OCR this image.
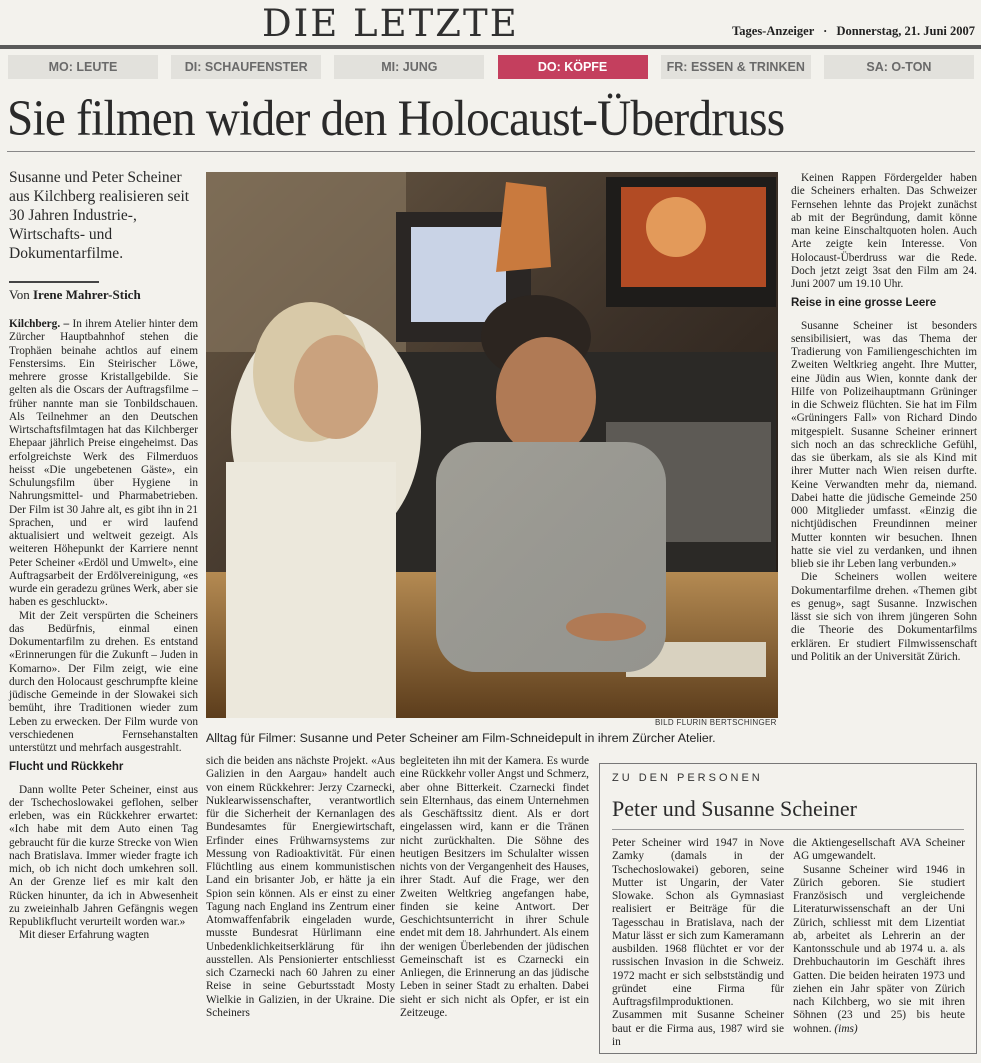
DIE LETZTE	Tages-Anzeiger · Donnerstag, 21. Juni 2007
MO: LEUTE	DI: SCHAUFENSTER	MI: JUNG	DO: KÖPFE	FR: ESSEN & TRINKEN	SA: O-TON
Sie filmen wider den Holocaust-Überdruss
Susanne und Peter Scheiner aus Kilchberg realisieren seit 30 Jahren Industrie-, Wirtschafts- und Dokumentarfilme.
Von Irene Mahrer-Stich

Kilchberg. – In ihrem Atelier hinter dem Zürcher Hauptbahnhof stehen die Trophäen beinahe achtlos auf einem Fenstersims. Ein Steirischer Löwe, mehrere grosse Kristallgebilde. Sie gelten als die Oscars der Auftragsfilme – früher nannte man sie Tonbildschauen. Als Teilnehmer an den Deutschen Wirtschaftsfilmtagen hat das Kilchberger Ehepaar jährlich Preise eingeheimst. Das erfolgreichste Werk des Filmerduos heisst «Die ungebetenen Gäste», ein Schulungsfilm über Hygiene in Nahrungsmittel- und Pharmabetrieben. Der Film ist 30 Jahre alt, es gibt ihn in 21 Sprachen, und er wird laufend aktualisiert und weltweit gezeigt. Als weiteren Höhepunkt der Karriere nennt Peter Scheiner «Erdöl und Umwelt», eine Auftragsarbeit der Erdölvereinigung, «es wurde ein geradezu grünes Werk, aber sie haben es geschluckt».

Mit der Zeit verspürten die Scheiners das Bedürfnis, einmal einen Dokumentarfilm zu drehen. Es entstand «Erinnerungen für die Zukunft – Juden in Komarno». Der Film zeigt, wie eine durch den Holocaust geschrumpfte kleine jüdische Gemeinde in der Slowakei sich bemüht, ihre Traditionen wieder zum Leben zu erwecken. Der Film wurde von verschiedenen Fernsehanstalten unterstützt und mehrfach ausgestrahlt.

Flucht und Rückkehr

Dann wollte Peter Scheiner, einst aus der Tschechoslowakei geflohen, selber erleben, was ein Rückkehrer erwartet: «Ich habe mit dem Auto einen Tag gebraucht für die kurze Strecke von Wien nach Bratislava. Immer wieder fragte ich mich, ob ich nicht doch umkehren soll. An der Grenze lief es mir kalt den Rücken hinunter, da ich in Abwesenheit zu zweieinhalb Jahren Gefängnis wegen Republikflucht verurteilt worden war.»

Mit dieser Erfahrung wagten

BILD FLURIN BERTSCHINGER
Alltag für Filmer: Susanne und Peter Scheiner am Film-Schneidepult in ihrem Zürcher Atelier.

sich die beiden ans nächste Projekt. «Aus Galizien in den Aargau» handelt auch von einem Rückkehrer: Jerzy Czarnecki, Nuklearwissenschafter, verantwortlich für die Sicherheit der Kernanlagen des Bundesamtes für Energiewirtschaft, Erfinder eines Frühwarnsystems zur Messung von Radioaktivität. Für einen Flüchtling aus einem kommunistischen Land ein brisanter Job, er hätte ja ein Spion sein können. Als er einst zu einer Tagung nach England ins Zentrum einer Atomwaffenfabrik eingeladen wurde, musste Bundesrat Hürlimann eine Unbedenklichkeitserklärung für ihn ausstellen. Als Pensionierter entschliesst sich Czarnecki nach 60 Jahren zu einer Reise in seine Geburtsstadt Mosty Wielkie in Galizien, in der Ukraine. Die Scheiners

begleiteten ihn mit der Kamera. Es wurde eine Rückkehr voller Angst und Schmerz, aber ohne Bitterkeit. Czarnecki findet sein Elternhaus, das einem Unternehmen als Geschäftssitz dient. Als er dort eingelassen wird, kann er die Tränen nicht zurückhalten. Die Söhne des heutigen Besitzers im Schulalter wissen nichts von der Vergangenheit des Hauses, ihrer Stadt. Auf die Frage, wer den Zweiten Weltkrieg angefangen habe, finden sie keine Antwort. Der Geschichtsunterricht in ihrer Schule endet mit dem 18. Jahrhundert. Als einem der wenigen Überlebenden der jüdischen Gemeinschaft ist es Czarnecki ein Anliegen, die Erinnerung an das jüdische Leben in seiner Stadt zu erhalten. Dabei sieht er sich nicht als Opfer, er ist ein Zeitzeuge.

Keinen Rappen Fördergelder haben die Scheiners erhalten. Das Schweizer Fernsehen lehnte das Projekt zunächst ab mit der Begründung, damit könne man keine Einschaltquoten holen. Auch Arte zeigte kein Interesse. Von Holocaust-Überdruss war die Rede. Doch jetzt zeigt 3sat den Film am 24. Juni 2007 um 19.10 Uhr.

Reise in eine grosse Leere

Susanne Scheiner ist besonders sensibilisiert, was das Thema der Tradierung von Familiengeschichten im Zweiten Weltkrieg angeht. Ihre Mutter, eine Jüdin aus Wien, konnte dank der Hilfe von Polizeihauptmann Grüninger in die Schweiz flüchten. Sie hat im Film «Grüningers Fall» von Richard Dindo mitgespielt. Susanne Scheiner erinnert sich noch an das schreckliche Gefühl, das sie überkam, als sie als Kind mit ihrer Mutter nach Wien reisen durfte. Keine Verwandten mehr da, niemand. Dabei hatte die jüdische Gemeinde 250 000 Mitglieder umfasst. «Einzig die nichtjüdischen Freundinnen meiner Mutter konnten wir besuchen. Ihnen hatte sie viel zu verdanken, und ihnen blieb sie ihr Leben lang verbunden.»

Die Scheiners wollen weitere Dokumentarfilme drehen. «Themen gibt es genug», sagt Susanne. Inzwischen lässt sie sich von ihrem jüngeren Sohn die Theorie des Dokumentarfilms erklären. Er studiert Filmwissenschaft und Politik an der Universität Zürich.

ZU DEN PERSONEN
Peter und Susanne Scheiner

Peter Scheiner wird 1947 in Nove Zamky (damals in der Tschechoslowakei) geboren, seine Mutter ist Ungarin, der Vater Slowake. Schon als Gymnasiast realisiert er Beiträge für die Tagesschau in Bratislava, nach der Matur lässt er sich zum Kameramann ausbilden. 1968 flüchtet er vor der russischen Invasion in die Schweiz. 1972 macht er sich selbstständig und gründet eine Firma für Auftragsfilmproduktionen. Zusammen mit Susanne Scheiner baut er die Firma aus, 1987 wird sie in

die Aktiengesellschaft AVA Scheiner AG umgewandelt.

Susanne Scheiner wird 1946 in Zürich geboren. Sie studiert Französisch und vergleichende Literaturwissenschaft an der Uni Zürich, schliesst mit dem Lizentiat ab, arbeitet als Lehrerin an der Kantonsschule und ab 1974 u. a. als Drehbuchautorin im Geschäft ihres Gatten. Die beiden heiraten 1973 und ziehen ein Jahr später von Zürich nach Kilchberg, wo sie mit ihren Söhnen (23 und 25) bis heute wohnen. (ims)
